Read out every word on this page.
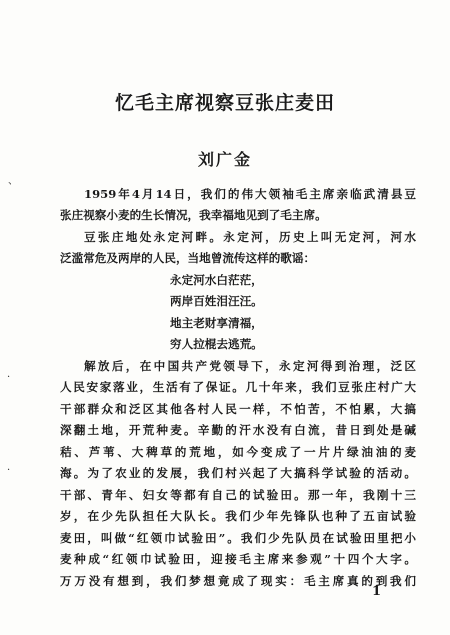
忆毛主席视察豆张庄麦田
刘广金
1959年4月14日，我们的伟大领袖毛主席亲临武清县豆
张庄视察小麦的生长情况，我幸福地见到了毛主席。
豆张庄地处永定河畔。永定河，历史上叫无定河，河水
泛滥常危及两岸的人民，当地曾流传这样的歌谣：
永定河水白茫茫，
两岸百姓泪汪汪。
地主老财享清福，
穷人拉棍去逃荒。
解放后，在中国共产党领导下，永定河得到治理，泛区
人民安家落业，生活有了保证。几十年来，我们豆张庄村广大
干部群众和泛区其他各村人民一样，不怕苦，不怕累，大搞
深翻土地，开荒种麦。辛勤的汗水没有白流，昔日到处是碱
秸、芦苇、大稗草的荒地，如今变成了一片片绿油油的麦
海。为了农业的发展，我们村兴起了大搞科学试验的活动。
干部、青年、妇女等都有自己的试验田。那一年，我刚十三
岁，在少先队担任大队长。我们少年先锋队也种了五亩试验
麦田，叫做“红领巾试验田”。我们少先队员在试验田里把小
麦种成“红领巾试验田，迎接毛主席来参观”十四个大字。
万万没有想到，我们梦想竟成了现实：毛主席真的到我们
1
、
·
·
